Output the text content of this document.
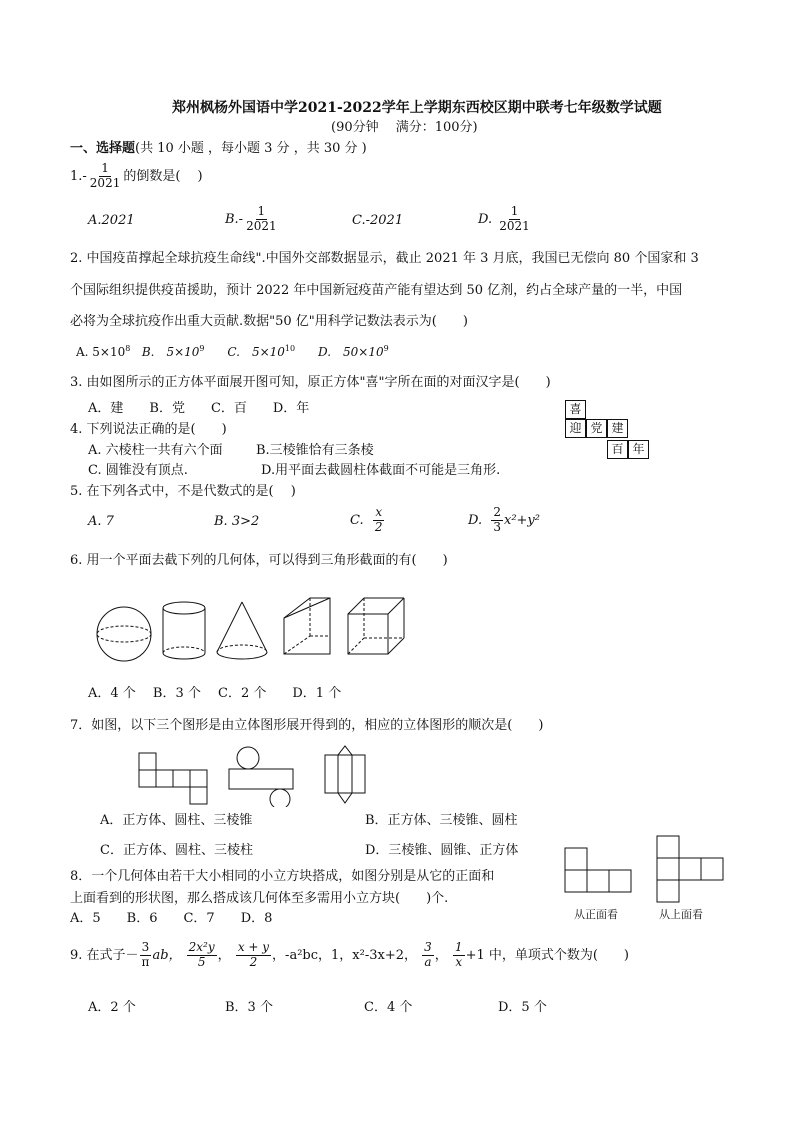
郑州枫杨外国语中学2021-2022学年上学期东西校区期中联考七年级数学试题
(90分钟　 满分：100分)
一、选择题(共 10 小题 ，每小题 3 分 ，共 30 分 )
$1.- \frac{1}{2021}$ 的倒数是(　 )
A.2021	$B.- \frac{1}{2021}$	C.-2021	D. $\frac{1}{2021}$
2. 中国疫苗撑起全球抗疫生命线".中国外交部数据显示，截止 2021 年 3 月底，我国已无偿向 80 个国家和 3
个国际组织提供疫苗援助，预计 2022 年中国新冠疫苗产能有望达到 50 亿剂，约占全球产量的一半，中国
必将为全球抗疫作出重大贡献.数据"50 亿"用科学记数法表示为(　　)
A. $5\times 10^8$ B.　$5\times 10^9$ C.　$5\times 10^{10}$ D.　$50\times 10^9$
3. 由如图所示的正方体平面展开图可知，原正方体"喜"字所在面的对面汉字是(　　)
A．建　　B．党　　C．百　　D．年	喜
迎 党 建
百 年
4. 下列说法正确的是(　　)
A. 六棱柱一共有六个面	B.三棱锥恰有三条棱
C. 圆锥没有顶点.	D.用平面去截圆柱体截面不可能是三角形.
5. 在下列各式中，不是代数式的是(　 )
A. 7	B. 3>2	C. $\frac{x}{2}$	D. $\frac{2}{3} x^2+y^2$
6. 用一个平面去截下列的几何体，可以得到三角形截面的有(　　)
A．4 个　 B．3 个　 C．2 个　　D．1 个
7．如图，以下三个图形是由立体图形展开得到的，相应的立体图形的顺次是(　　)
A．正方体、圆柱、三棱锥	B．正方体、三棱锥、圆柱
C．正方体、圆柱、三棱柱	D．三棱锥、圆锥、正方体
8．一个几何体由若干大小相同的小立方块搭成，如图分别是从它的正面和
上面看到的形状图，那么搭成该几何体至多需用小立方块(　　)个.
A．5　　B．6　　C．7　　D．8	从正面看	从上面看
9. 在式子－ $\frac{3}{\pi}$ ab， $\frac{\text{2x²y}}{5}$ ， $\frac{x + y}{2}$ ，-a²bc，1，x²-3x+2， $\frac{3}{a}$ ， $\frac{1}{x} +1$ 中，单项式个数为(　　)
A．2 个	B．3 个	C．4 个	D．5 个
